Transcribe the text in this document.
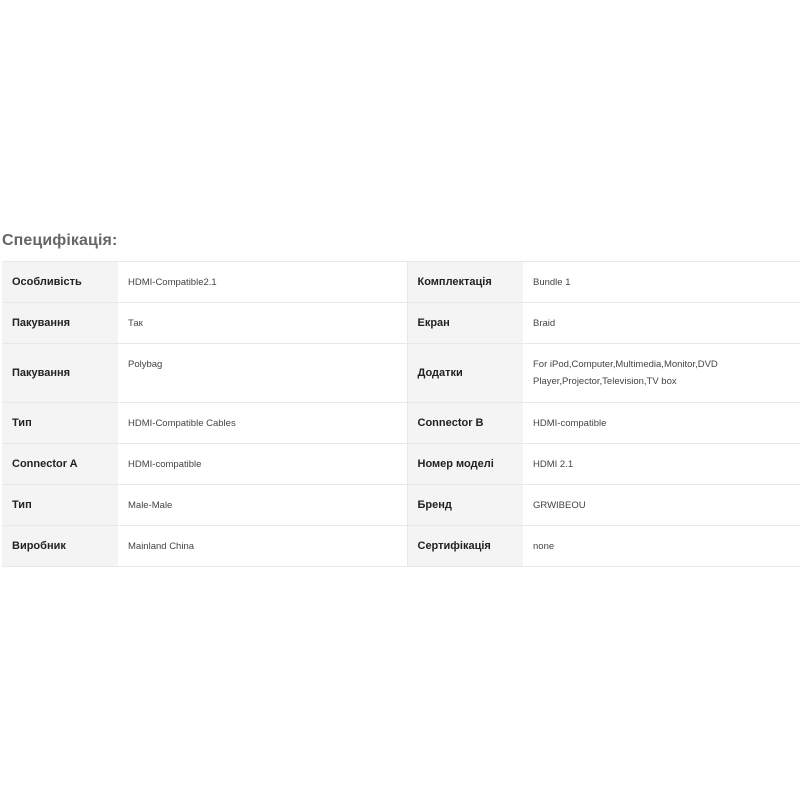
Специфікація:
Особливість	HDMI-Compatible2.1	Комплектація	Bundle 1
Пакування	Так	Екран	Braid
Пакування	Polybag	Додатки	For iPod,Computer,Multimedia,Monitor,DVD Player,Projector,Television,TV box
Тип	HDMI-Compatible Cables	Connector B	HDMI-compatible
Connector A	HDMI-compatible	Номер моделі	HDMI 2.1
Тип	Male-Male	Бренд	GRWIBEOU
Виробник	Mainland China	Сертифікація	none
